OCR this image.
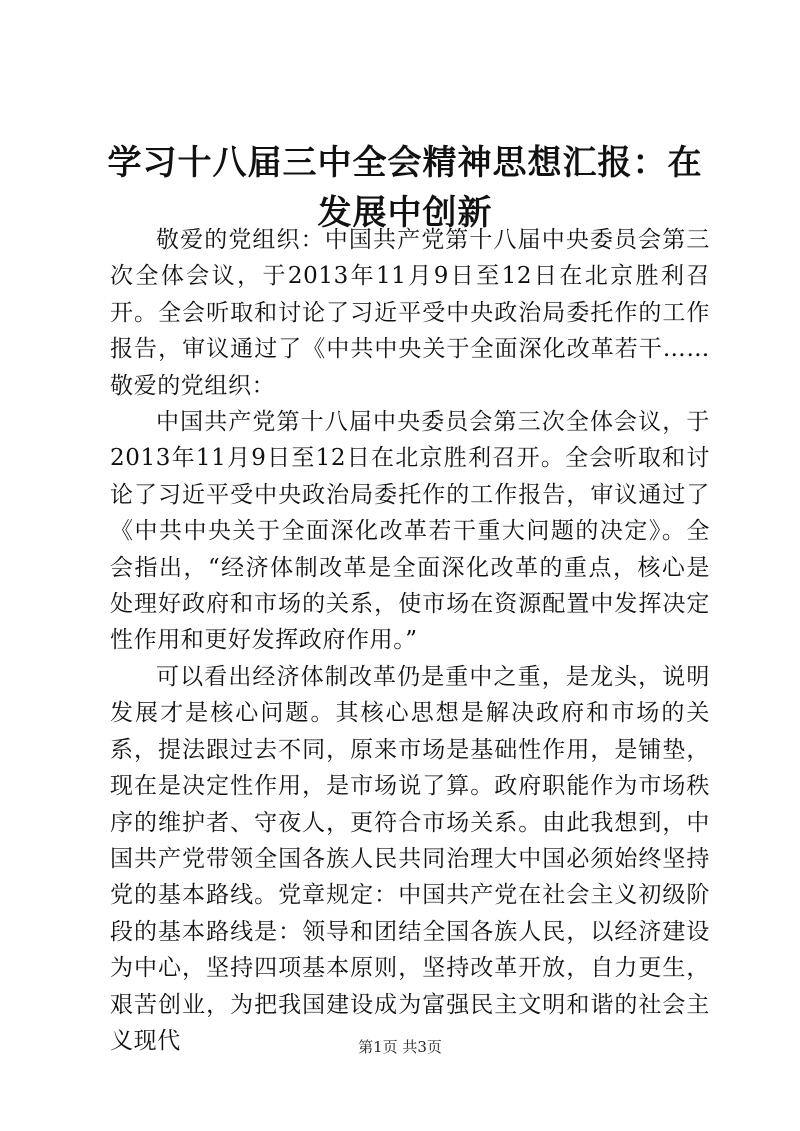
学习十八届三中全会精神思想汇报：在发展中创新

敬爱的党组织：中国共产党第十八届中央委员会第三次全体会议，于2013年11月9日至12日在北京胜利召开。全会听取和讨论了习近平受中央政治局委托作的工作报告，审议通过了《中共中央关于全面深化改革若干……敬爱的党组织：

中国共产党第十八届中央委员会第三次全体会议，于2013年11月9日至12日在北京胜利召开。全会听取和讨论了习近平受中央政治局委托作的工作报告，审议通过了《中共中央关于全面深化改革若干重大问题的决定》。全会指出，“经济体制改革是全面深化改革的重点，核心是处理好政府和市场的关系，使市场在资源配置中发挥决定性作用和更好发挥政府作用。”

可以看出经济体制改革仍是重中之重，是龙头，说明发展才是核心问题。其核心思想是解决政府和市场的关系，提法跟过去不同，原来市场是基础性作用，是铺垫，现在是决定性作用，是市场说了算。政府职能作为市场秩序的维护者、守夜人，更符合市场关系。由此我想到，中国共产党带领全国各族人民共同治理大中国必须始终坚持党的基本路线。党章规定：中国共产党在社会主义初级阶段的基本路线是：领导和团结全国各族人民，以经济建设为中心，坚持四项基本原则，坚持改革开放，自力更生，艰苦创业，为把我国建设成为富强民主文明和谐的社会主义现代	第1页 共3页
